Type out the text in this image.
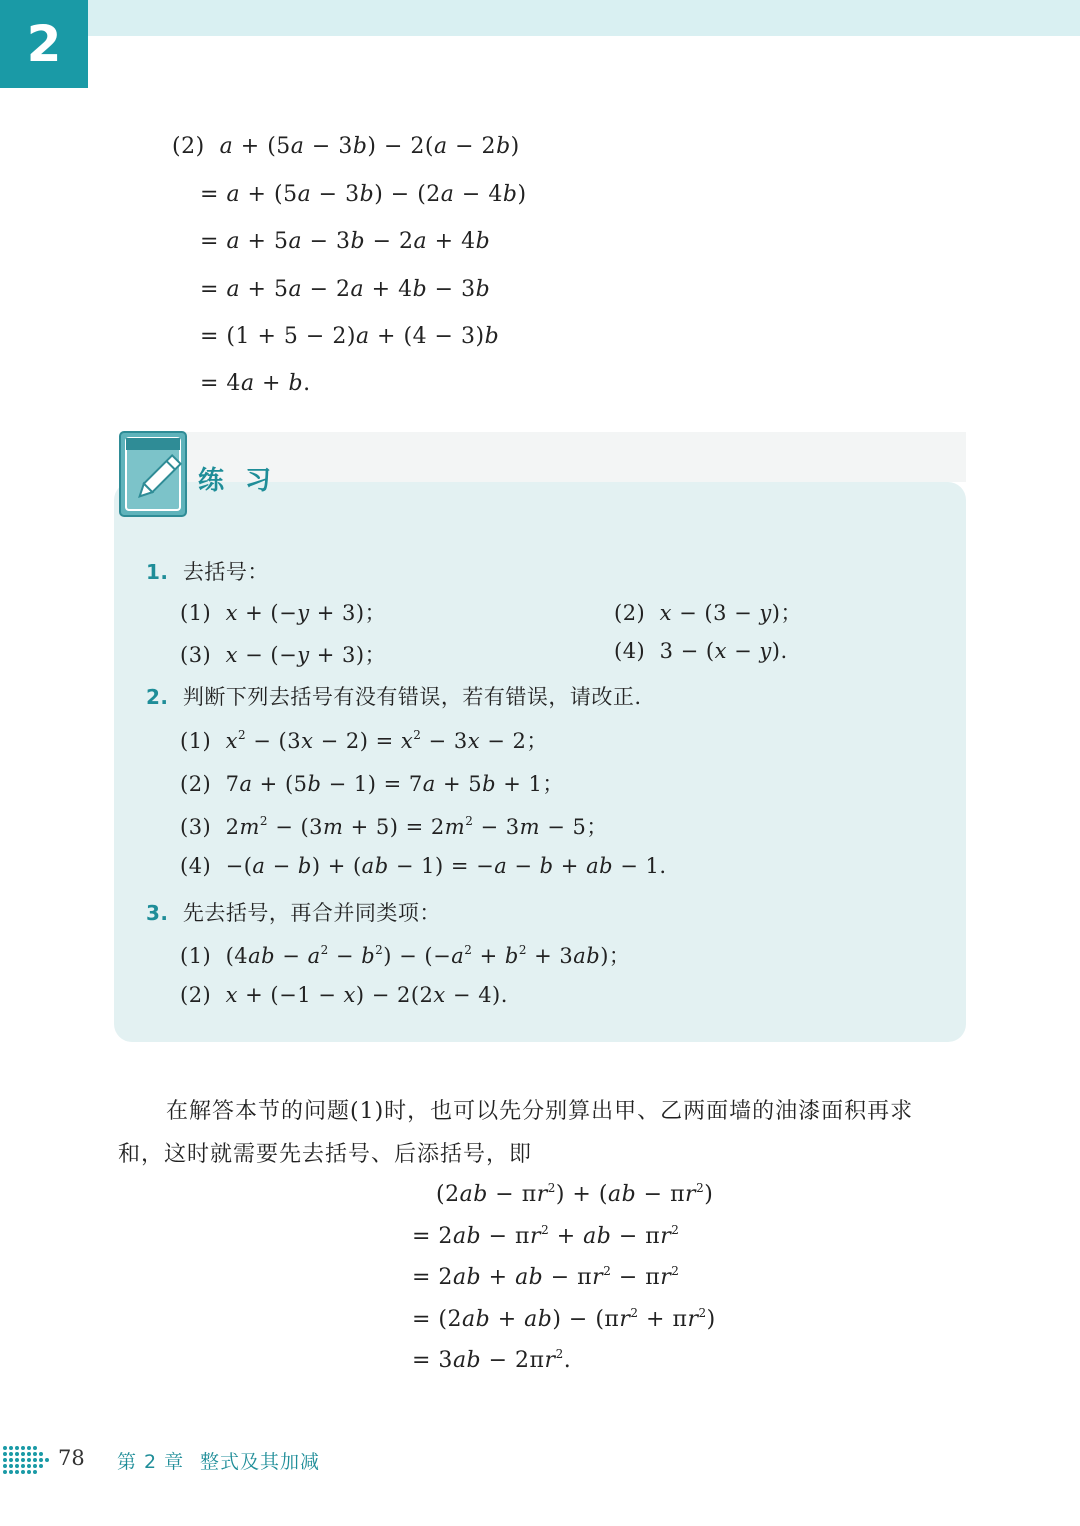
2
(2)  a + (5a − 3b) − 2(a − 2b)
= a + (5a − 3b) − (2a − 4b)
= a + 5a − 3b − 2a + 4b
= a + 5a − 2a + 4b − 3b
= (1 + 5 − 2)a + (4 − 3)b
= 4a + b.
练 习
1. 去括号：
(1)  x + (−y + 3)；	(2)  x − (3 − y)；
(3)  x − (−y + 3)；	(4)  3 − (x − y).
2. 判断下列去括号有没有错误，若有错误，请改正.
(1)  $x^2 - (3x - 2) = x^2 - 3x - 2$；
(2)  7a + (5b − 1) = 7a + 5b + 1；
(3)  $2m^2 - (3m + 5) = 2m^2 - 3m - 5$；
(4)  −(a − b) + (ab − 1) = −a − b + ab − 1.
3. 先去括号，再合并同类项：
(1)  $(4ab - a^2 - b^2) - (-a^2 + b^2 + 3ab)$；
(2)  x + (−1 − x) − 2(2x − 4).
在解答本节的问题(1)时，也可以先分别算出甲、乙两面墙的油漆面积再求
和，这时就需要先去括号、后添括号，即
$(2ab - \pi r^2) + (ab - \pi r^2)$
= $2ab - \pi r^2$ + ab − $\pi r^2$
= 2ab + ab − $\pi r^2 - \pi r^2$
= $(2ab + ab) - (\pi r^2 + \pi r^2)$
= $3ab - 2\pi r^2$.
78 第 2 章 整式及其加减
